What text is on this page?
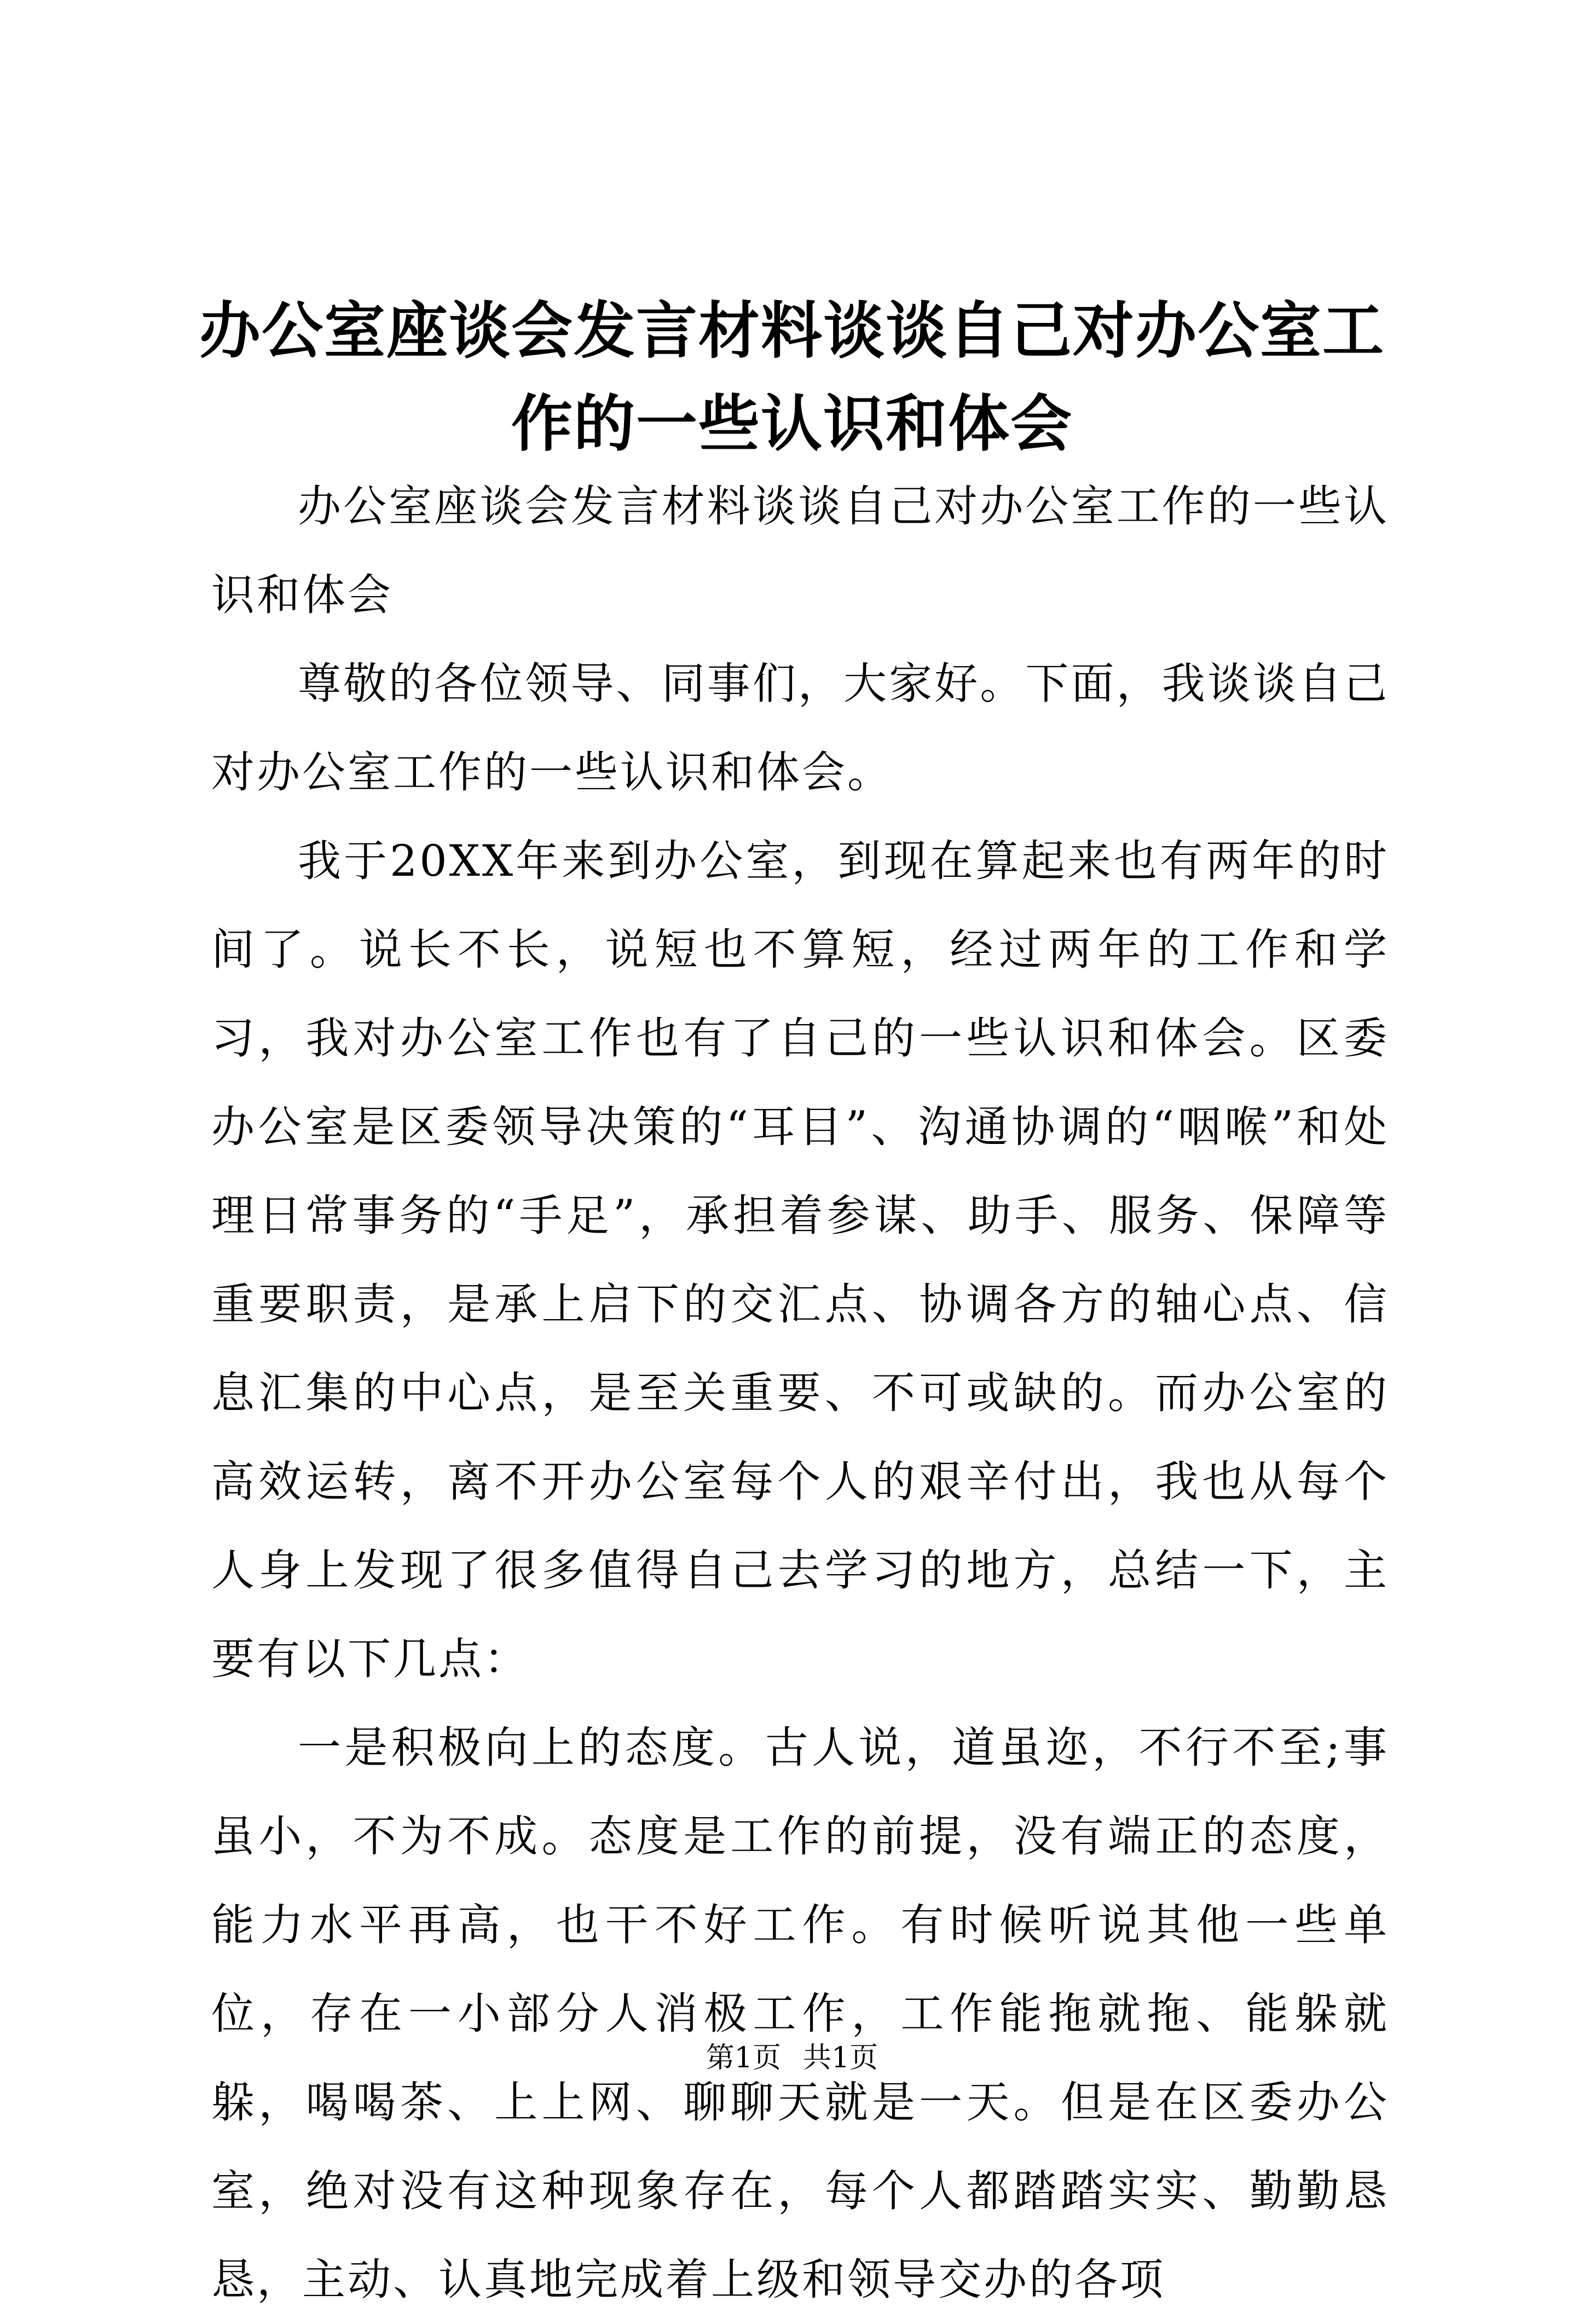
办公室座谈会发言材料谈谈自己对办公室工作的一些认识和体会

办公室座谈会发言材料谈谈自己对办公室工作的一些认识和体会

尊敬的各位领导、同事们，大家好。下面，我谈谈自己对办公室工作的一些认识和体会。

我于20XX年来到办公室，到现在算起来也有两年的时间了。说长不长，说短也不算短，经过两年的工作和学习，我对办公室工作也有了自己的一些认识和体会。区委办公室是区委领导决策的“耳目”、沟通协调的“咽喉”和处理日常事务的“手足”，承担着参谋、助手、服务、保障等重要职责，是承上启下的交汇点、协调各方的轴心点、信息汇集的中心点，是至关重要、不可或缺的。而办公室的高效运转，离不开办公室每个人的艰辛付出，我也从每个人身上发现了很多值得自己去学习的地方，总结一下，主要有以下几点：

一是积极向上的态度。古人说，道虽迩，不行不至;事虽小，不为不成。态度是工作的前提，没有端正的态度，能力水平再高，也干不好工作。有时候听说其他一些单位，存在一小部分人消极工作，工作能拖就拖、能躲就躲，喝喝茶、上上网、聊聊天就是一天。但是在区委办公室，绝对没有这种现象存在，每个人都踏踏实实、勤勤恳恳，主动、认真地完成着上级和领导交办的各项

第1页 共1页
